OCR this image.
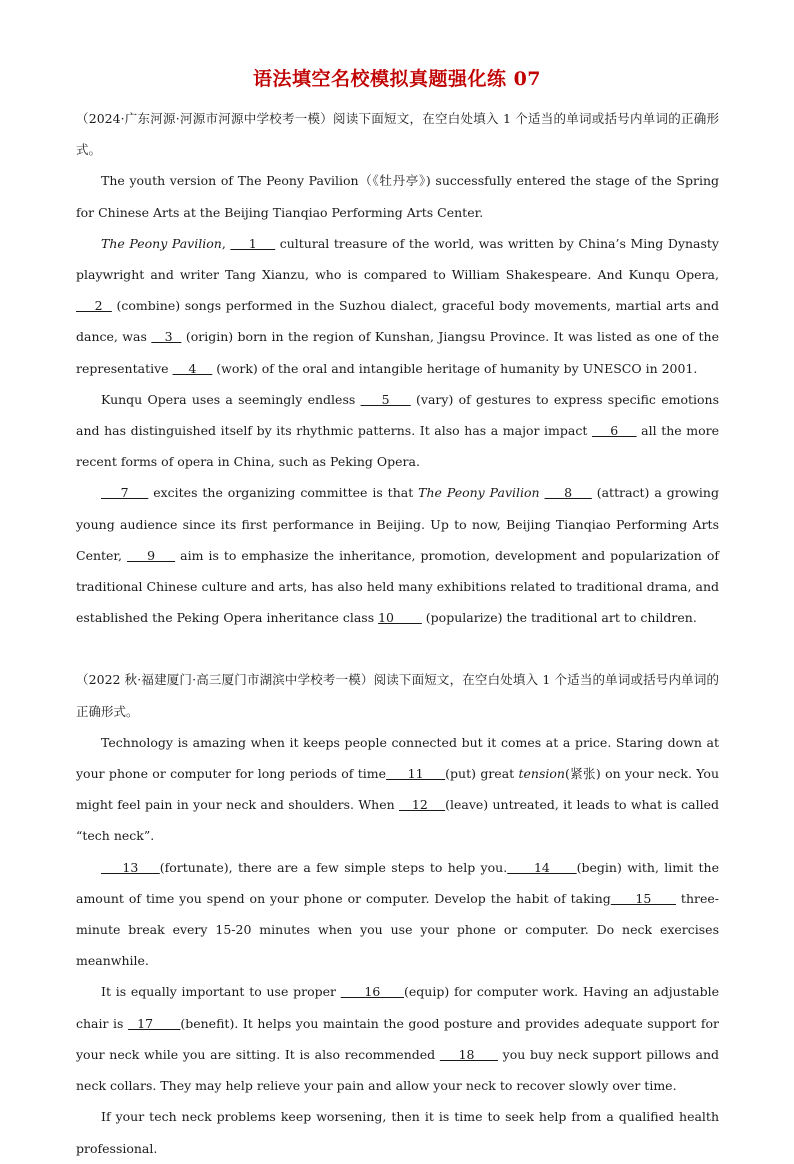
语法填空名校模拟真题强化练 07

（2024·广东河源·河源市河源中学校考一模）阅读下面短文，在空白处填入 1 个适当的单词或括号内单词的正确形式。

The youth version of The Peony Pavilion（《牡丹亭》) successfully entered the stage of the Spring for Chinese Arts at the Beijing Tianqiao Performing Arts Center.

The Peony Pavilion,     1     cultural treasure of the world, was written by China’s Ming Dynasty playwright and writer Tang Xianzu, who is compared to William Shakespeare. And Kunqu Opera,     2   (combine) songs performed in the Suzhou dialect, graceful body movements, martial arts and dance, was    3   (origin) born in the region of Kunshan, Jiangsu Province. It was listed as one of the representative     4     (work) of the oral and intangible heritage of humanity by UNESCO in 2001.

Kunqu Opera uses a seemingly endless     5     (vary) of gestures to express specific emotions and has distinguished itself by its rhythmic patterns. It also has a major impact     6     all the more recent forms of opera in China, such as Peking Opera.

7     excites the organizing committee is that The Peony Pavilion     8     (attract) a growing young audience since its first performance in Beijing. Up to now, Beijing Tianqiao Performing Arts Center,     9     aim is to emphasize the inheritance, promotion, development and popularization of traditional Chinese culture and arts, has also held many exhibitions related to traditional drama, and established the Peking Opera inheritance class 10        (popularize) the traditional art to children.

（2022 秋·福建厦门·高三厦门市湖滨中学校考一模）阅读下面短文，在空白处填入 1 个适当的单词或括号内单词的正确形式。

Technology is amazing when it keeps people connected but it comes at a price. Staring down at your phone or computer for long periods of time     11     (put) great tension(紧张) on your neck. You might feel pain in your neck and shoulders. When    12    (leave) untreated, it leads to what is called “tech neck”.

13    (fortunate), there are a few simple steps to help you.     14     (begin) with, limit the amount of time you spend on your phone or computer. Develop the habit of taking     15      three-minute break every 15-20 minutes when you use your phone or computer. Do neck exercises meanwhile.

It is equally important to use proper      16     (equip) for computer work. Having an adjustable chair is   17      (benefit). It helps you maintain the good posture and provides adequate support for your neck while you are sitting. It is also recommended     18      you buy neck support pillows and neck collars. They may help relieve your pain and allow your neck to recover slowly over time.

If your tech neck problems keep worsening, then it is time to seek help from a qualified health professional.
